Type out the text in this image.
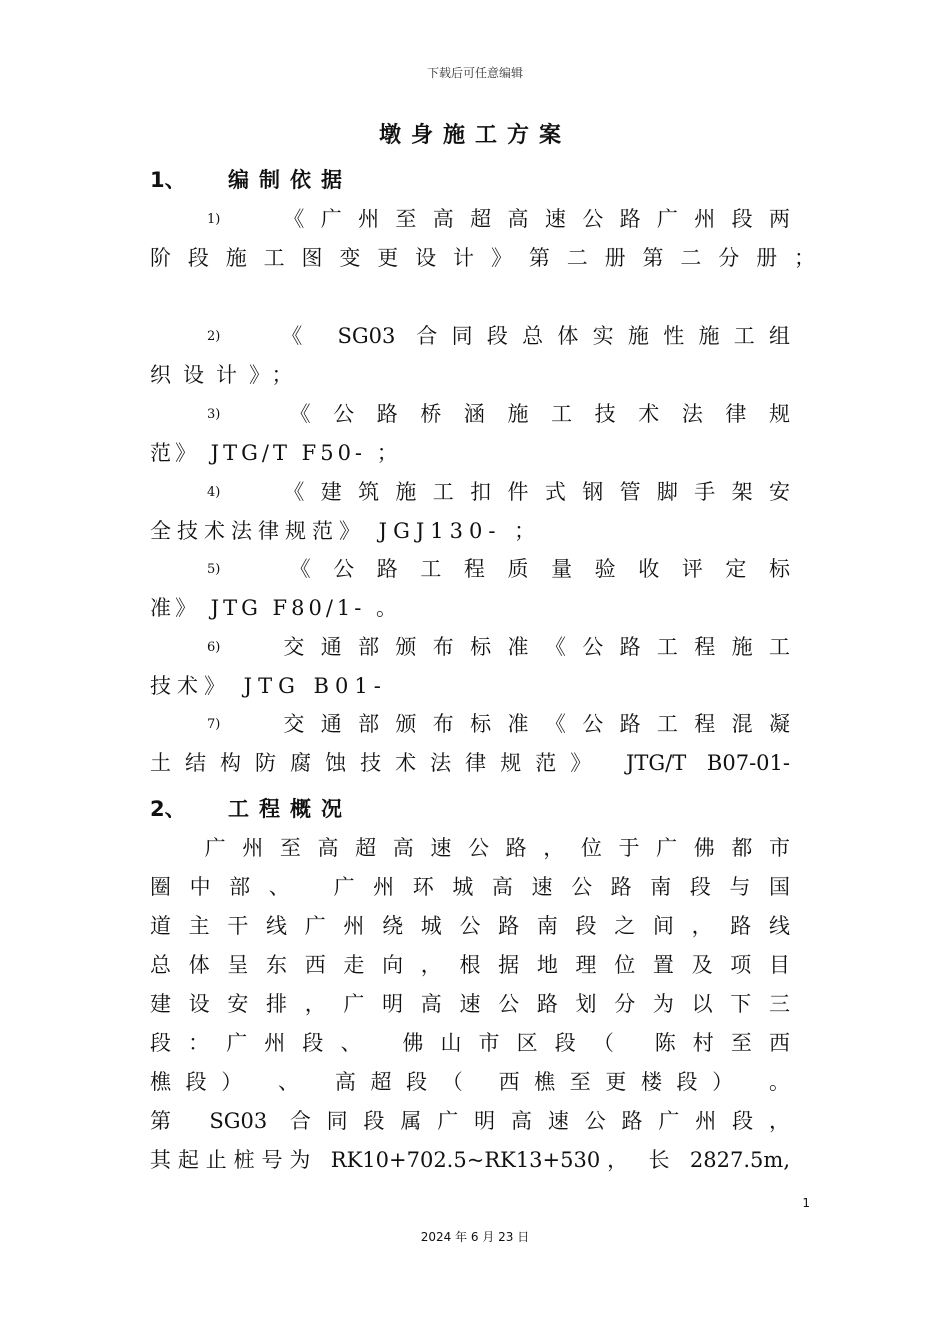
下载后可任意编辑
墩身施工方案
1、 编制依据
1) 《广州至高超高速公路广州段两
阶段施工图变更设计》第二册第二分册；
2) 《 SG03 合同段总体实施性施工组
织设计》；
3) 《公路桥涵施工技术法律规
范》 JTG/T F50- ；
4) 《建筑施工扣件式钢管脚手架安
全技术法律规范》 JGJ130- ；
5) 《公路工程质量验收评定标
准》 JTG F80/1- 。
6) 交通部颁布标准《公路工程施工
技术》 JTG B01-
7) 交通部颁布标准《公路工程混凝
土结构防腐蚀技术法律规范》 JTG/T B07-01-
2、 工程概况
广州至高超高速公路，位于广佛都市
圈中部、 广州环城高速公路南段与国
道主干线广州绕城公路南段之间，路线
总体呈东西走向，根据地理位置及项目
建设安排，广明高速公路划分为以下三
段：广州段、 佛山市区段（ 陈村至西
樵段） 、 高超段（ 西樵至更楼段） 。
第 SG03 合同段属广明高速公路广州段，
其起止桩号为 RK10+702.5~RK13+530， 长 2827.5m,
1
2024 年 6 月 23 日
